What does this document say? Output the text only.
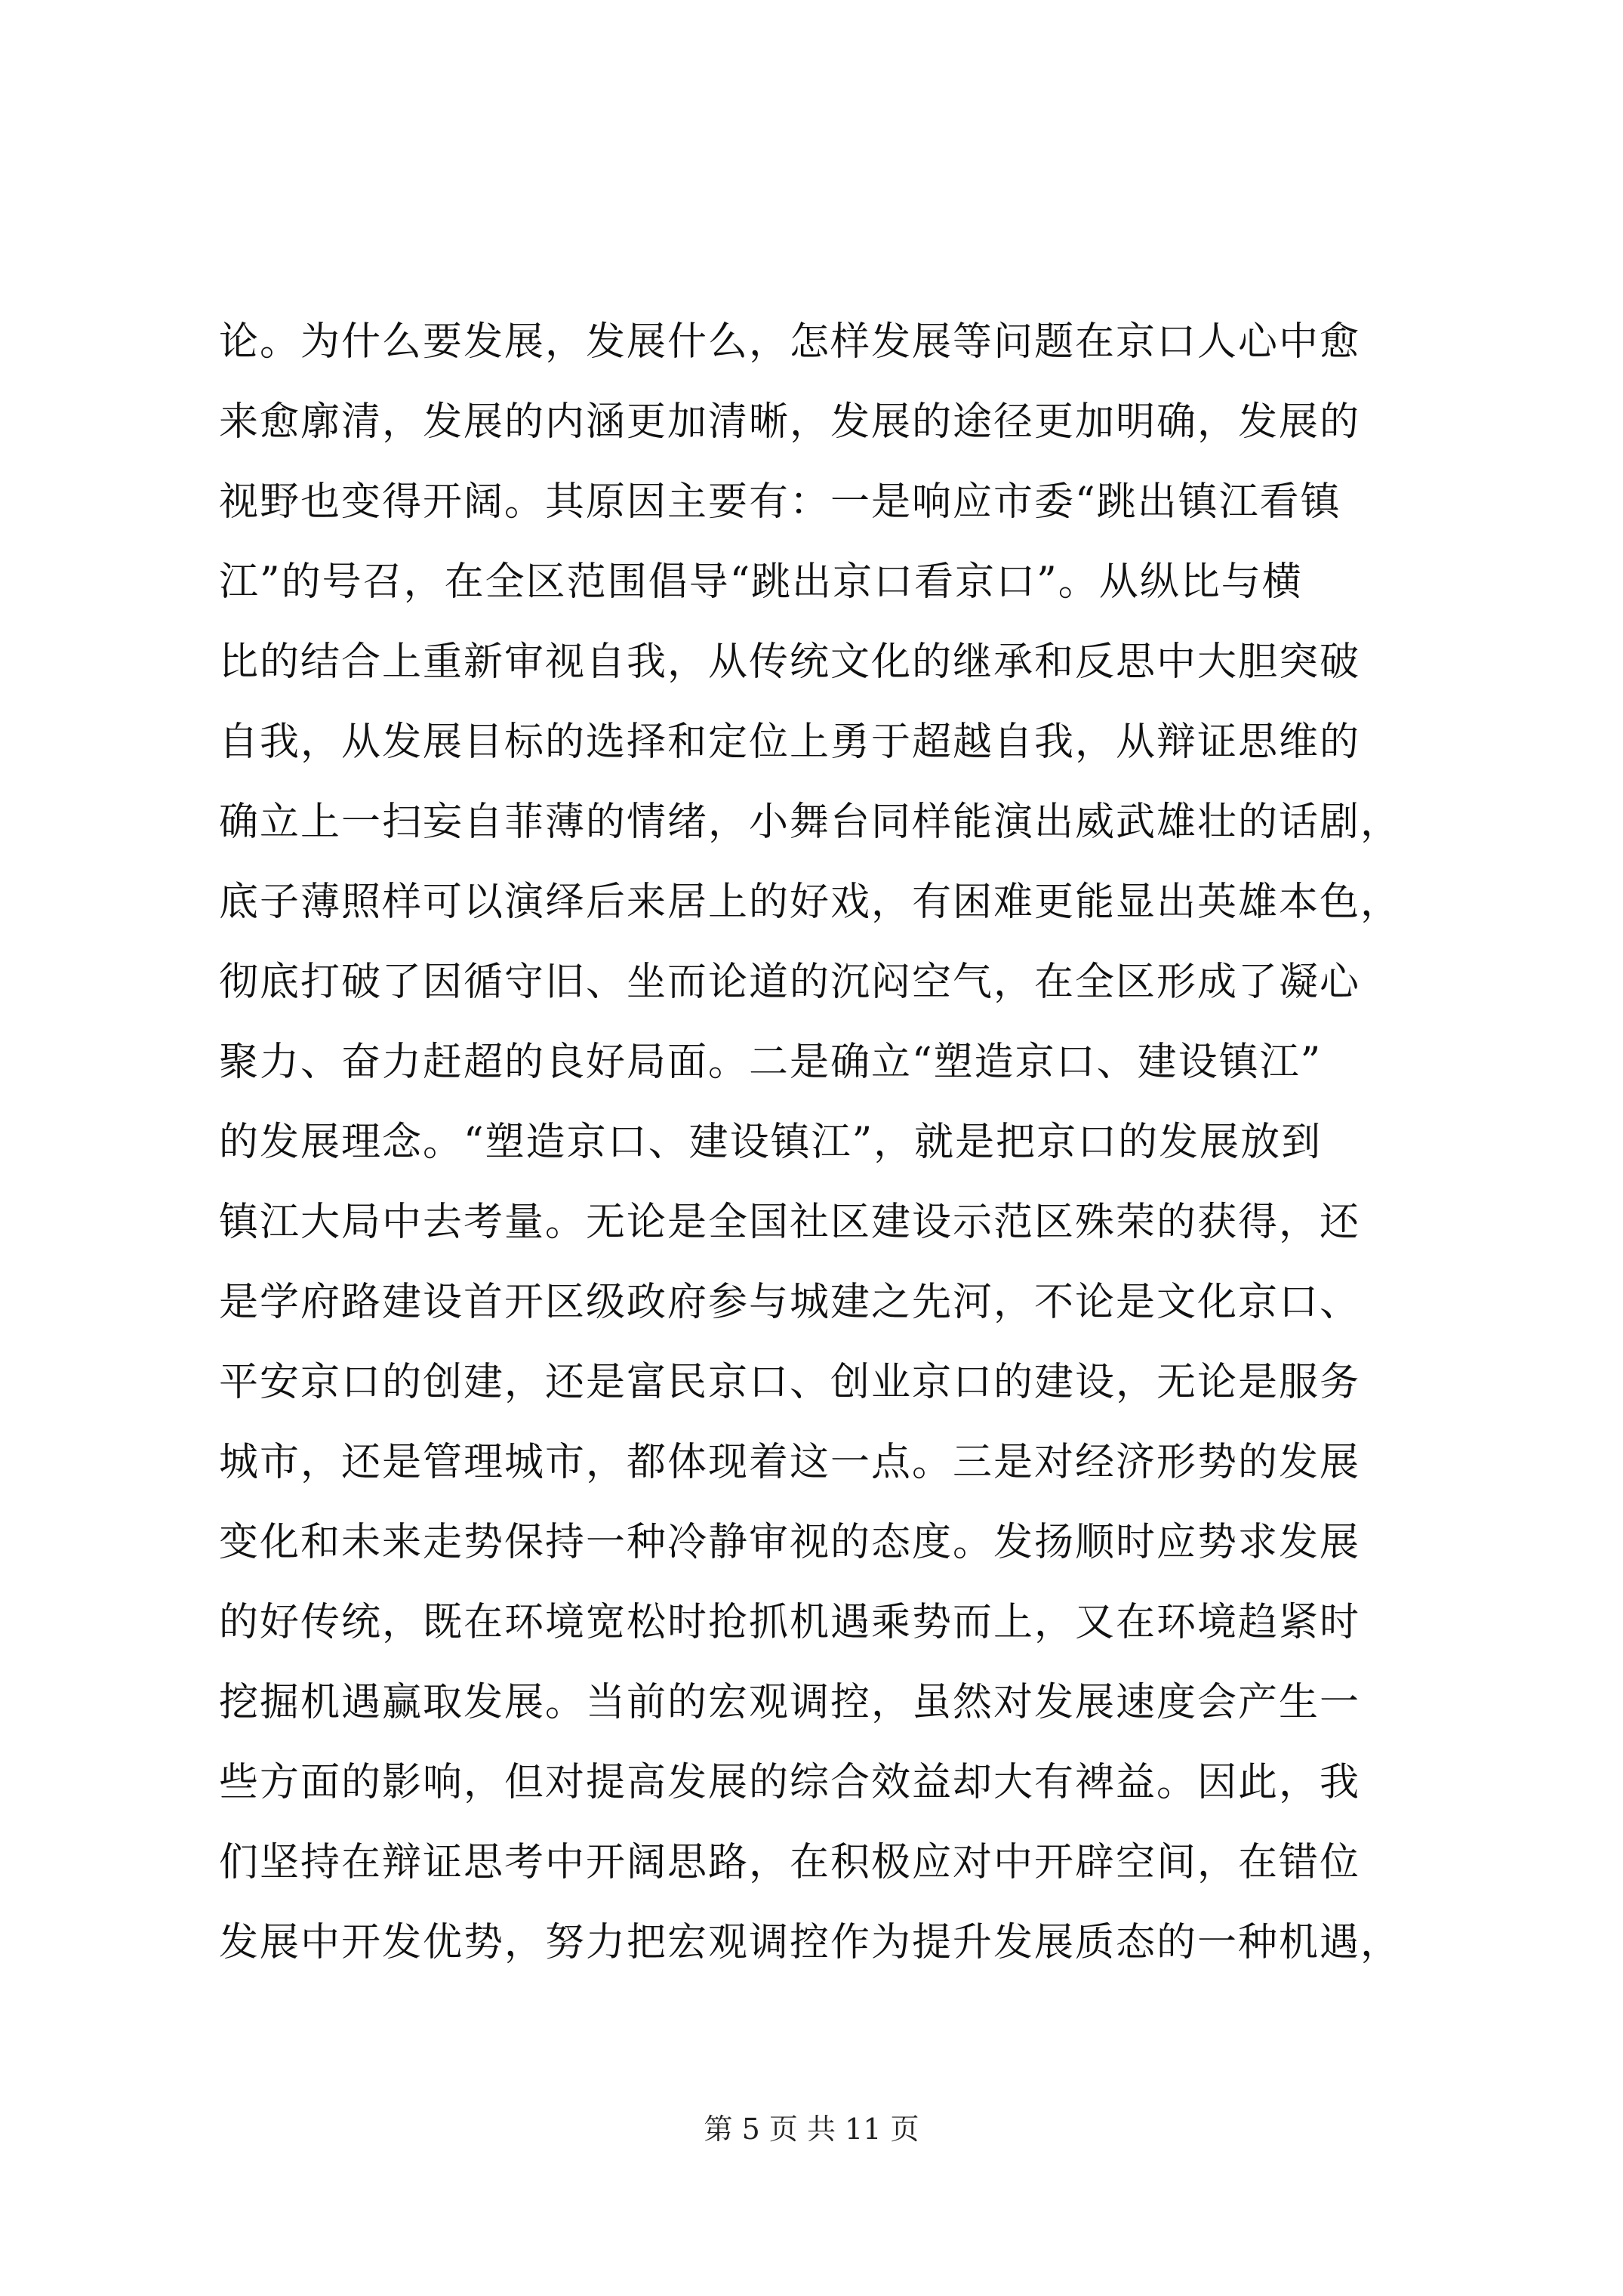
论。为什么要发展，发展什么，怎样发展等问题在京口人心中愈
来愈廓清，发展的内涵更加清晰，发展的途径更加明确，发展的
视野也变得开阔。其原因主要有：一是响应市委“跳出镇江看镇
江”的号召，在全区范围倡导“跳出京口看京口”。从纵比与横
比的结合上重新审视自我，从传统文化的继承和反思中大胆突破
自我，从发展目标的选择和定位上勇于超越自我，从辩证思维的
确立上一扫妄自菲薄的情绪，小舞台同样能演出威武雄壮的话剧，
底子薄照样可以演绎后来居上的好戏，有困难更能显出英雄本色，
彻底打破了因循守旧、坐而论道的沉闷空气，在全区形成了凝心
聚力、奋力赶超的良好局面。二是确立“塑造京口、建设镇江”
的发展理念。“塑造京口、建设镇江”，就是把京口的发展放到
镇江大局中去考量。无论是全国社区建设示范区殊荣的获得，还
是学府路建设首开区级政府参与城建之先河，不论是文化京口、
平安京口的创建，还是富民京口、创业京口的建设，无论是服务
城市，还是管理城市，都体现着这一点。三是对经济形势的发展
变化和未来走势保持一种冷静审视的态度。发扬顺时应势求发展
的好传统，既在环境宽松时抢抓机遇乘势而上，又在环境趋紧时
挖掘机遇赢取发展。当前的宏观调控，虽然对发展速度会产生一
些方面的影响，但对提高发展的综合效益却大有裨益。因此，我
们坚持在辩证思考中开阔思路，在积极应对中开辟空间，在错位
发展中开发优势，努力把宏观调控作为提升发展质态的一种机遇，
第 5 页 共 11 页
